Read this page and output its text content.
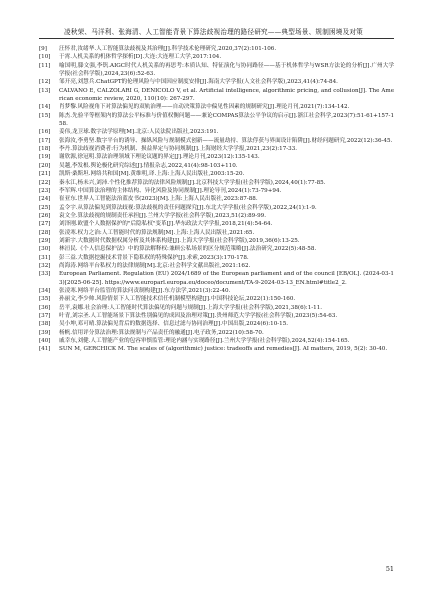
凌秋荣、马洋利、张海清、人工智能背景下算法歧视治理的路径研究——典型场景、规制困境及对策
[9]	汪怀君,汝绪华.人工智能算法歧视及其治理[J].科学技术伦理研究,2020,37(2):101-106.
[10]	于霄.人机关系的机体哲学探析[D].大连:大连理工大学,2017:104.
[11]	喻国明,滕文强,李钒.AIGC时代人机关系的再思考:本质认知、特征演化与协同路径——基于机体哲学与WSR方法论的分析[J].广州大学学报(社会科学版),2024,23(6):52-63.
[12]	邹开亮,刘慧兵.ChatGPT的伦理风险与中国因应制度安排[J].海南大学学报(人文社会科学版),2023,41(4):74-84.
[13]	CALVANO E, CALZOLARI G, DENICOLO V, et al. Artificial intelligence, algorithmic pricing, and collusion[J]. The American economic review, 2020, 110(10): 267-297.
[14]	肖梦黎.风险视角下对算法偏见的双轨治理——自动决策算法中偏见性因素的规制研究[J].理论月刊,2021(7):134-142.
[15]	陈杰.先验平等框架内的算法公平标准与价值权衡问题——兼论COMPAS算法公平争议的启示[J].浙江社会科学,2023(7):51-61+157-158.
[16]	姜伟,龙卫球.数字法学原理[M].北京:人民法院出版社,2023:191.
[17]	张海汝,李勇坚.数字平台的诱导、操纵风险与规制模式创新——流量劫持、算法俘获与界面设计陷阱[J].财经问题研究,2022(12):36-45.
[18]	李丹.算法歧视消费者:行为机制、损益界定与协同规制[J].上海财经大学学报,2021,23(2):17-33.
[19]	谢欣源,徐冠明.算法治理领域下理论议题的界定[J].理论月刊,2023(12):135-143.
[20]	吴越,李发根.舆论极化研究综述[J].情报杂志,2022,41(4):98-103+110.
[21]	凯斯·桑斯坦.网络共和国[M].黄维明,译.上海:上海人民出版社,2003:15-20.
[22]	秦永江,杨未兴,刘沛.个性化推荐算法的法律风险规制[J].北京科技大学学报(社会科学版),2024,40(1):77-85.
[23]	李军辉.中国算法治理的主体结构、异化风险及协同规制[J].理论导刊,2024(1):73-79+94.
[24]	崔亚东.世界人工智能法治蓝皮书(2023)[M].上海:上海人民出版社,2023:87-88.
[25]	孟令宇.从算法偏见到算法歧视:算法歧视的责任问题探究[J].东北大学学报(社会科学版),2022,24(1):1-9.
[26]	袁文全.算法歧视的规制责任承担[J].兰州大学学报(社会科学版),2023,51(2):89-99.
[27]	刘泽刚.欧盟个人数据保护的"后隐私权"变革[J].华东政法大学学报,2018,21(4):54-64.
[28]	张凌寒.权力之治:人工智能时代的算法规制[M].上海:上海人民出版社,2021:65.
[29]	刘新宇.大数据时代数据权属分析及其体系构建[J].上海大学学报(社会科学版),2019,36(6):13-25.
[30]	林洹民.《个人信息保护法》中的算法解释权:兼顾公私场景的区分规范策略[J].法治研究,2022(5):48-58.
[31]	彭三益.大数据挖掘技术背景下隐私权的特殊保护[J].求索,2023(3):170-178.
[32]	尚海涛.网络平台私权力的法律规制[M].北京:社会科学文献出版社,2021:162.
[33]	European Parliament. Regulation (EU) 2024/1689 of the European parliament and of the council [EB/OL]. (2024-03-13)[2025-06-25]. https://www.europarl.europa.eu/doceo/document/TA-9-2024-03-13_EN.html#title2_2.
[34]	张凌寒.网络平台监管的算法问责制构建[J].东方法学,2021(3):22-40.
[35]	孙丽文,李少帅.风险情景下人工智能技术信任机制模型构建[J].中国科技论坛,2022(1):150-160.
[36]	岳平,袁娜.社会治理:人工智能时代算法偏见的问题与规制[J].上海大学学报(社会科学版),2021,38(6):1-11.
[37]	叶青,刘宗圣.人工智能场景下算法性别偏见的成因及治理对策[J].贵州师范大学学报(社会科学版),2023(5):54-63.
[38]	吴小坤,邓可晴.算法偏见背后的数据选择、信息过滤与协同治理[J].中国出版,2024(6):10-15.
[39]	杨帆.信用评分算法治理:算法规制与产品责任的融通[J].电子政务,2022(10):58-70.
[40]	戚幸东,刘健.人工智能产业的包容审慎监管:理论内涵与实现路径[J].兰州大学学报(社会科学版),2024,52(4):154-165.
[41]	SUN M, GERCHICK M. The scales of (algorithmic) justice: tradeoffs and remedies[J]. AI matters, 2019, 5(2): 30-40.
51
